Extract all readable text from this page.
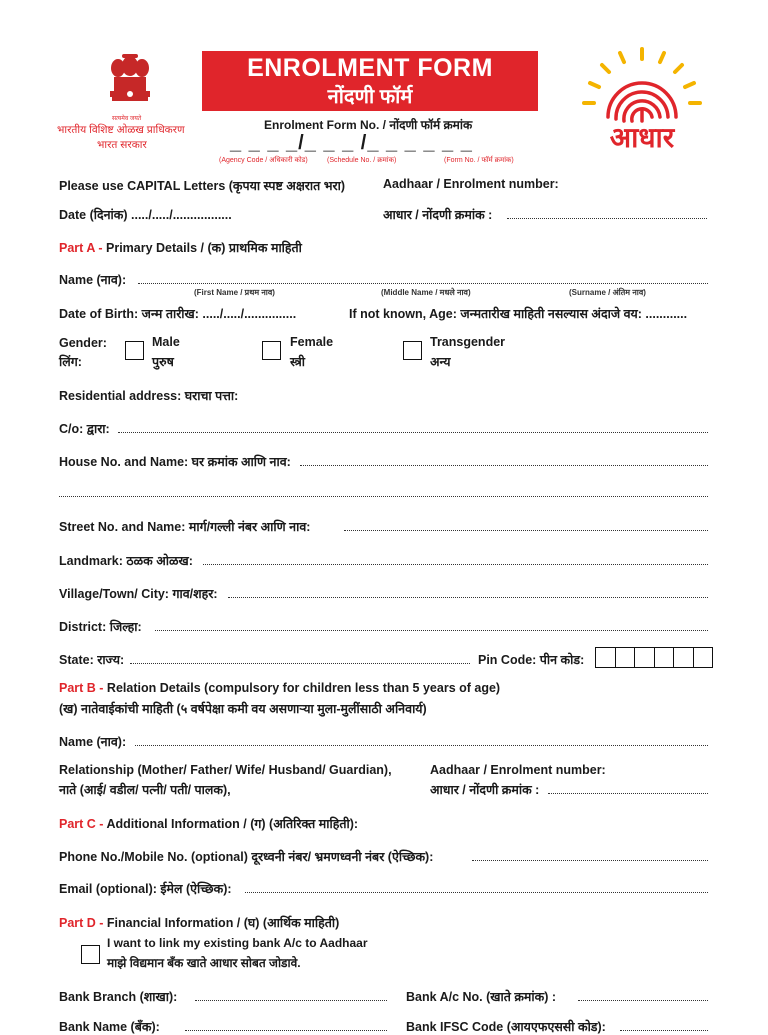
सत्यमेव जयते
भारतीय विशिष्ट ओळख प्राधिकरण
भारत सरकार
ENROLMENT FORM
नोंदणी फॉर्म
Enrolment Form No. / नोंदणी फॉर्म क्रमांक
_ _ _ _/_ _ _ /_ _ _ _ _ _
(Agency Code / अधिकारी कोड)	(Schedule No. / क्रमांक)	(Form No. / फॉर्म क्रमांक)
आधार
Please use CAPITAL Letters (कृपया स्पष्ट अक्षरात भरा)	Aadhaar / Enrolment number:
Date (दिनांक) ...../...../.................	आधार / नोंदणी क्रमांक :
Part A - Primary Details / (क) प्राथमिक माहिती
Name (नाव):
(First Name / प्रथम नाव)	(Middle Name / मधले नाव)	(Surname / अंतिम नाव)
Date of Birth: जन्म तारीख: ...../...../...............	If not known, Age: जन्मतारीख माहिती नसल्यास अंदाजे वय: ............
Gender:
लिंग:
Male
पुरुष
Female
स्त्री
Transgender
अन्य
Residential address: घराचा पत्ता:
C/o: द्वारा:
House No. and Name: घर क्रमांक आणि नाव:
Street No. and Name: मार्ग/गल्ली नंबर आणि नाव:
Landmark: ठळक ओळख:
Village/Town/ City: गाव/शहर:
District: जिल्हा:
State: राज्य:	Pin Code: पीन कोड:
Part B - Relation Details (compulsory for children less than 5 years of age)
(ख) नातेवाईकांची माहिती (५ वर्षपेक्षा कमी वय असणाऱ्या मुला-मुलींसाठी अनिवार्य)
Name (नाव):
Relationship (Mother/ Father/ Wife/ Husband/ Guardian),
नाते (आई/ वडील/ पत्नी/ पती/ पालक),
Aadhaar / Enrolment number:
आधार / नोंदणी क्रमांक :
Part C - Additional Information / (ग) (अतिरिक्त माहिती):
Phone No./Mobile No. (optional) दूरध्वनी नंबर/ भ्रमणध्वनी नंबर (ऐच्छिक):
Email (optional): ईमेल (ऐच्छिक):
Part D - Financial Information / (घ) (आर्थिक माहिती)
I want to link my existing bank A/c to Aadhaar
माझे विद्यमान बँक खाते आधार सोबत जोडावे.
Bank Branch (शाखा):	Bank A/c No. (खाते क्रमांक) :
Bank Name (बँक):	Bank IFSC Code (आयएफएससी कोड):
